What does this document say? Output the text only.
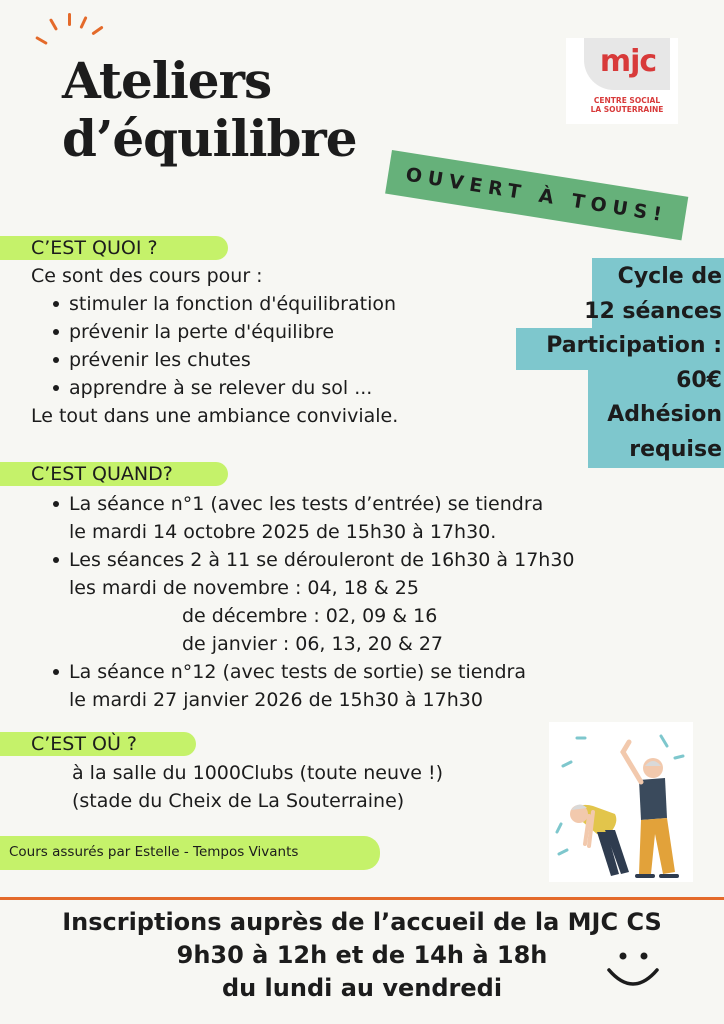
Ateliers
d’équilibre
mjc
CENTRE SOCIAL
LA SOUTERRAINE
OUVERT À TOUS!
C’EST QUOI ?
Ce sont des cours pour :
stimuler la fonction d'équilibration
prévenir la perte d'équilibre
prévenir les chutes
apprendre à se relever du sol ...
Le tout dans une ambiance conviviale.
Cycle de
12 séances
Participation :
60€
Adhésion
requise
C’EST QUAND?
La séance n°1 (avec les tests d’entrée) se tiendra
le mardi 14 octobre 2025 de 15h30 à 17h30.
Les séances 2 à 11 se dérouleront de 16h30 à 17h30
les mardi de novembre : 04, 18 & 25
de décembre : 02, 09 & 16
de janvier : 06, 13, 20 & 27
La séance n°12 (avec tests de sortie) se tiendra
le mardi 27 janvier 2026 de 15h30 à 17h30
C’EST OÙ ?
à la salle du 1000Clubs (toute neuve !)
(stade du Cheix de La Souterraine)
Cours assurés par Estelle - Tempos Vivants
Inscriptions auprès de l’accueil de la MJC CS
9h30 à 12h et de 14h à 18h
du lundi au vendredi
